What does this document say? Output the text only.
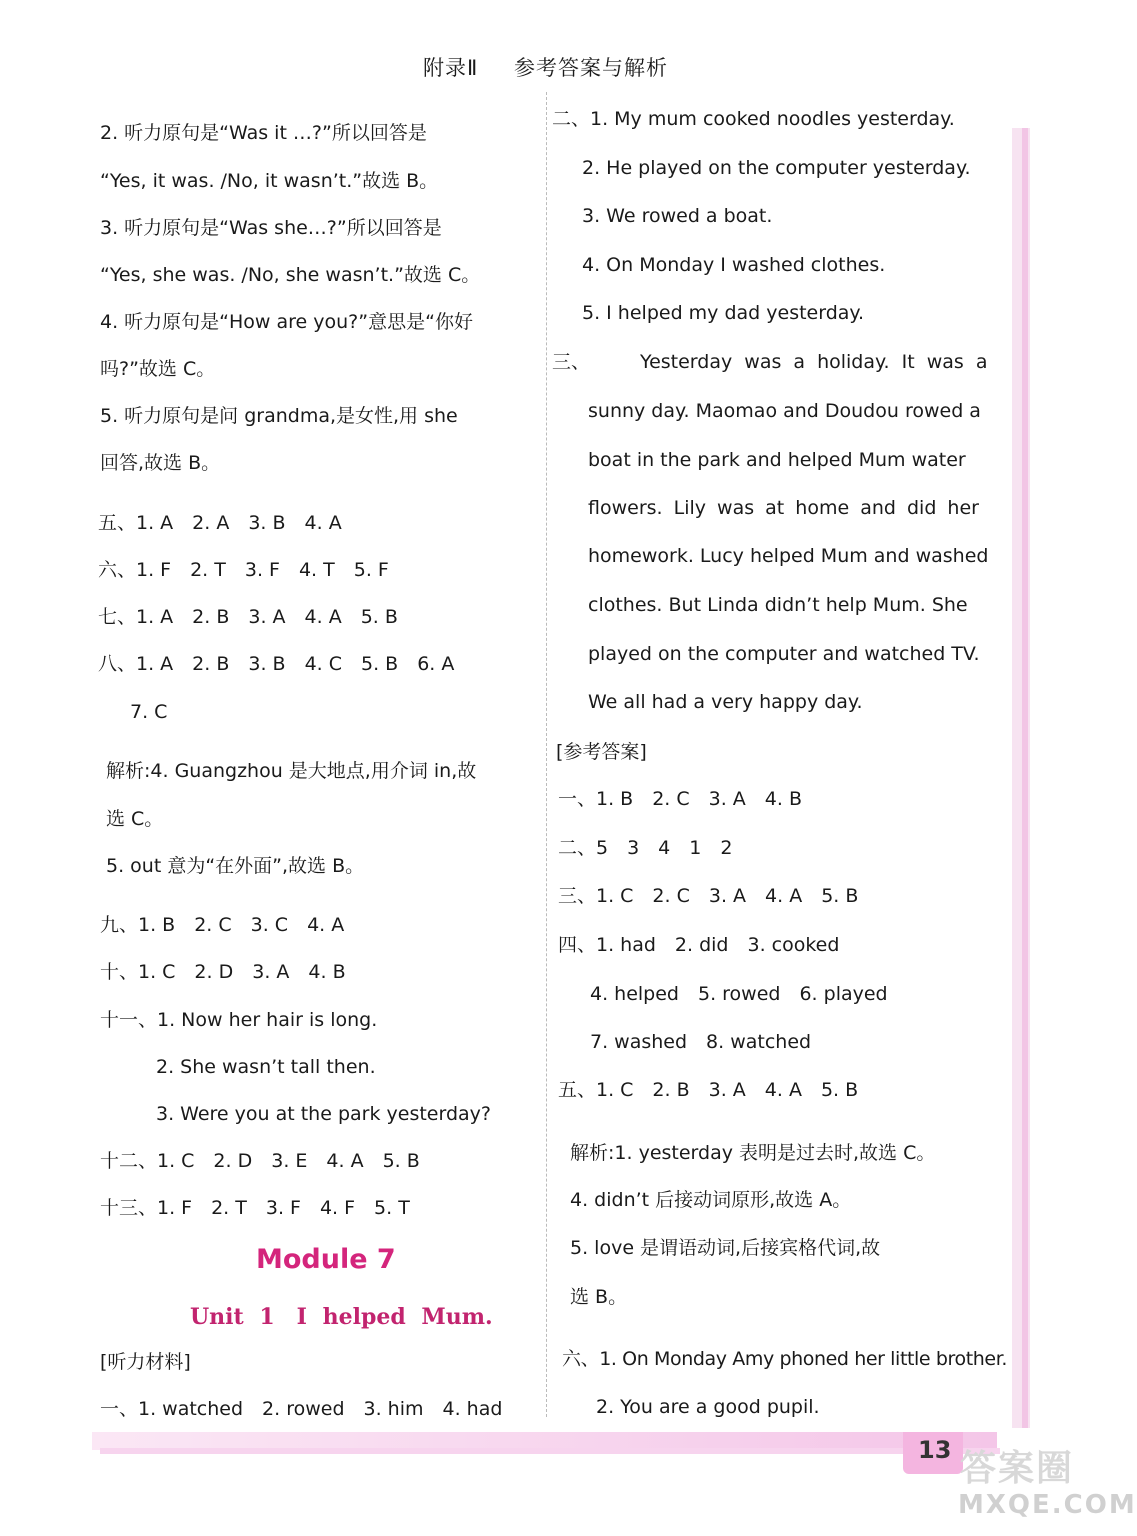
附录Ⅱ 参考答案与解析
2. 听力原句是“Was it …?”所以回答是
“Yes, it was. /No, it wasn’t.”故选 B。
3. 听力原句是“Was she…?”所以回答是
“Yes, she was. /No, she wasn’t.”故选 C。
4. 听力原句是“How are you?”意思是“你好
吗?”故选 C。
5. 听力原句是问 grandma,是女性,用 she
回答,故选 B。
五、1. A　2. A　3. B　4. A
六、1. F　2. T　3. F　4. T　5. F
七、1. A　2. B　3. A　4. A　5. B
八、1. A　2. B　3. B　4. C　5. B　6. A
7. C
解析:4. Guangzhou 是大地点,用介词 in,故
选 C。
5. out 意为“在外面”,故选 B。
九、1. B　2. C　3. C　4. A
十、1. C　2. D　3. A　4. B
十一、1. Now her hair is long.
2. She wasn’t tall then.
3. Were you at the park yesterday?
十二、1. C　2. D　3. E　4. A　5. B
十三、1. F　2. T　3. F　4. F　5. T
Module 7
Unit 1　I helped Mum.
[听力材料]
一、1. watched　2. rowed　3. him　4. had
二、1. My mum cooked noodles yesterday.
2. He played on the computer yesterday.
3. We rowed a boat.
4. On Monday I washed clothes.
5. I helped my dad yesterday.
三、	Yesterday was a holiday. It was a
sunny day. Maomao and Doudou rowed a
boat in the park and helped Mum water
flowers. Lily was at home and did her
homework. Lucy helped Mum and washed
clothes. But Linda didn’t help Mum. She
played on the computer and watched TV.
We all had a very happy day.
[参考答案]
一、1. B　2. C　3. A　4. B
二、5　3　4　1　2
三、1. C　2. C　3. A　4. A　5. B
四、1. had　2. did　3. cooked
4. helped　5. rowed　6. played
7. washed　8. watched
五、1. C　2. B　3. A　4. A　5. B
解析:1. yesterday 表明是过去时,故选 C。
4. didn’t 后接动词原形,故选 A。
5. love 是谓语动词,后接宾格代词,故
选 B。
六、1. On Monday Amy phoned her little brother.
2. You are a good pupil.
13 答案圈
MXQE.COM
